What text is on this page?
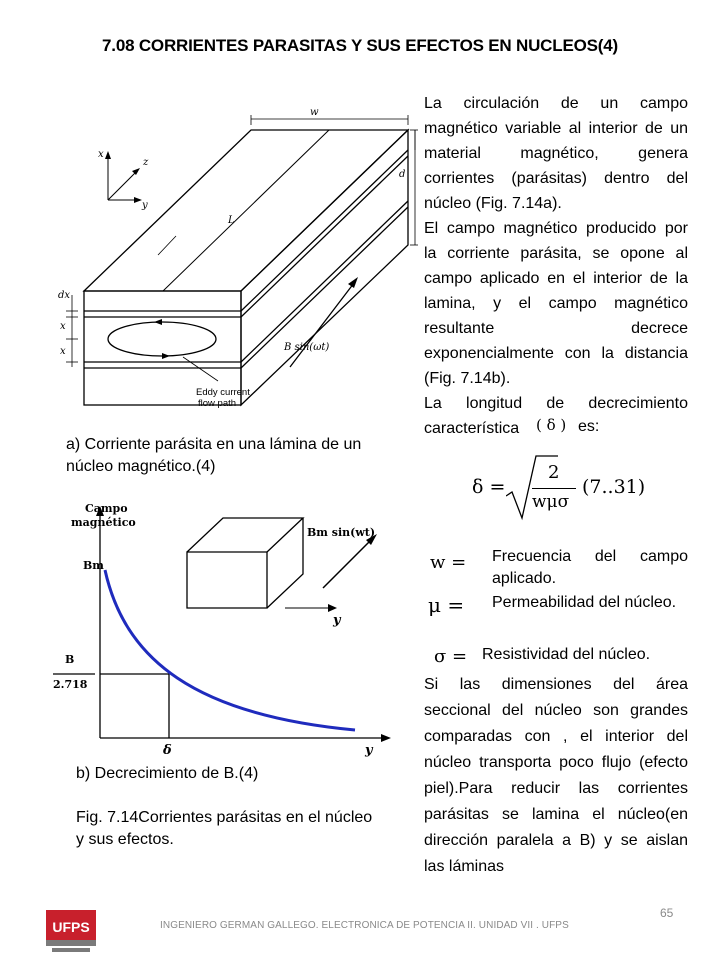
7.08 CORRIENTES PARASITAS Y SUS EFECTOS EN NUCLEOS(4)
w
d
L
x
z
y
dx
x
x	B sin(ωt)
Eddy current
flow path
a) Corriente parásita en una lámina de un núcleo magnético.(4)
Campo
magnético
Bm
B
2.718
Bm sin(wt)
y
δ	y
b) Decrecimiento de B.(4)
Fig. 7.14Corrientes parásitas en el núcleo y sus efectos.
La circulación de un campo magnético variable al interior de un material magnético, genera corrientes (parásitas) dentro del núcleo (Fig. 7.14a).
El campo magnético producido por la corriente parásita, se opone al campo aplicado en el interior de la lamina, y el campo magnético resultante decrece exponencialmente con la distancia (Fig. 7.14b).
La longitud de decrecimiento característica	( δ ) es:
δ =
2
wμσ
(7..31)
w = Frecuencia del campo aplicado.
μ = Permeabilidad del núcleo.
σ = Resistividad del núcleo.
Si las dimensiones del área seccional del núcleo son grandes comparadas con , el interior del núcleo transporta poco flujo (efecto piel).Para reducir las corrientes parásitas se lamina el núcleo(en dirección paralela a B) y se aislan las láminas
UFPS	INGENIERO GERMAN GALLEGO. ELECTRONICA DE POTENCIA II. UNIDAD VII . UFPS
65
